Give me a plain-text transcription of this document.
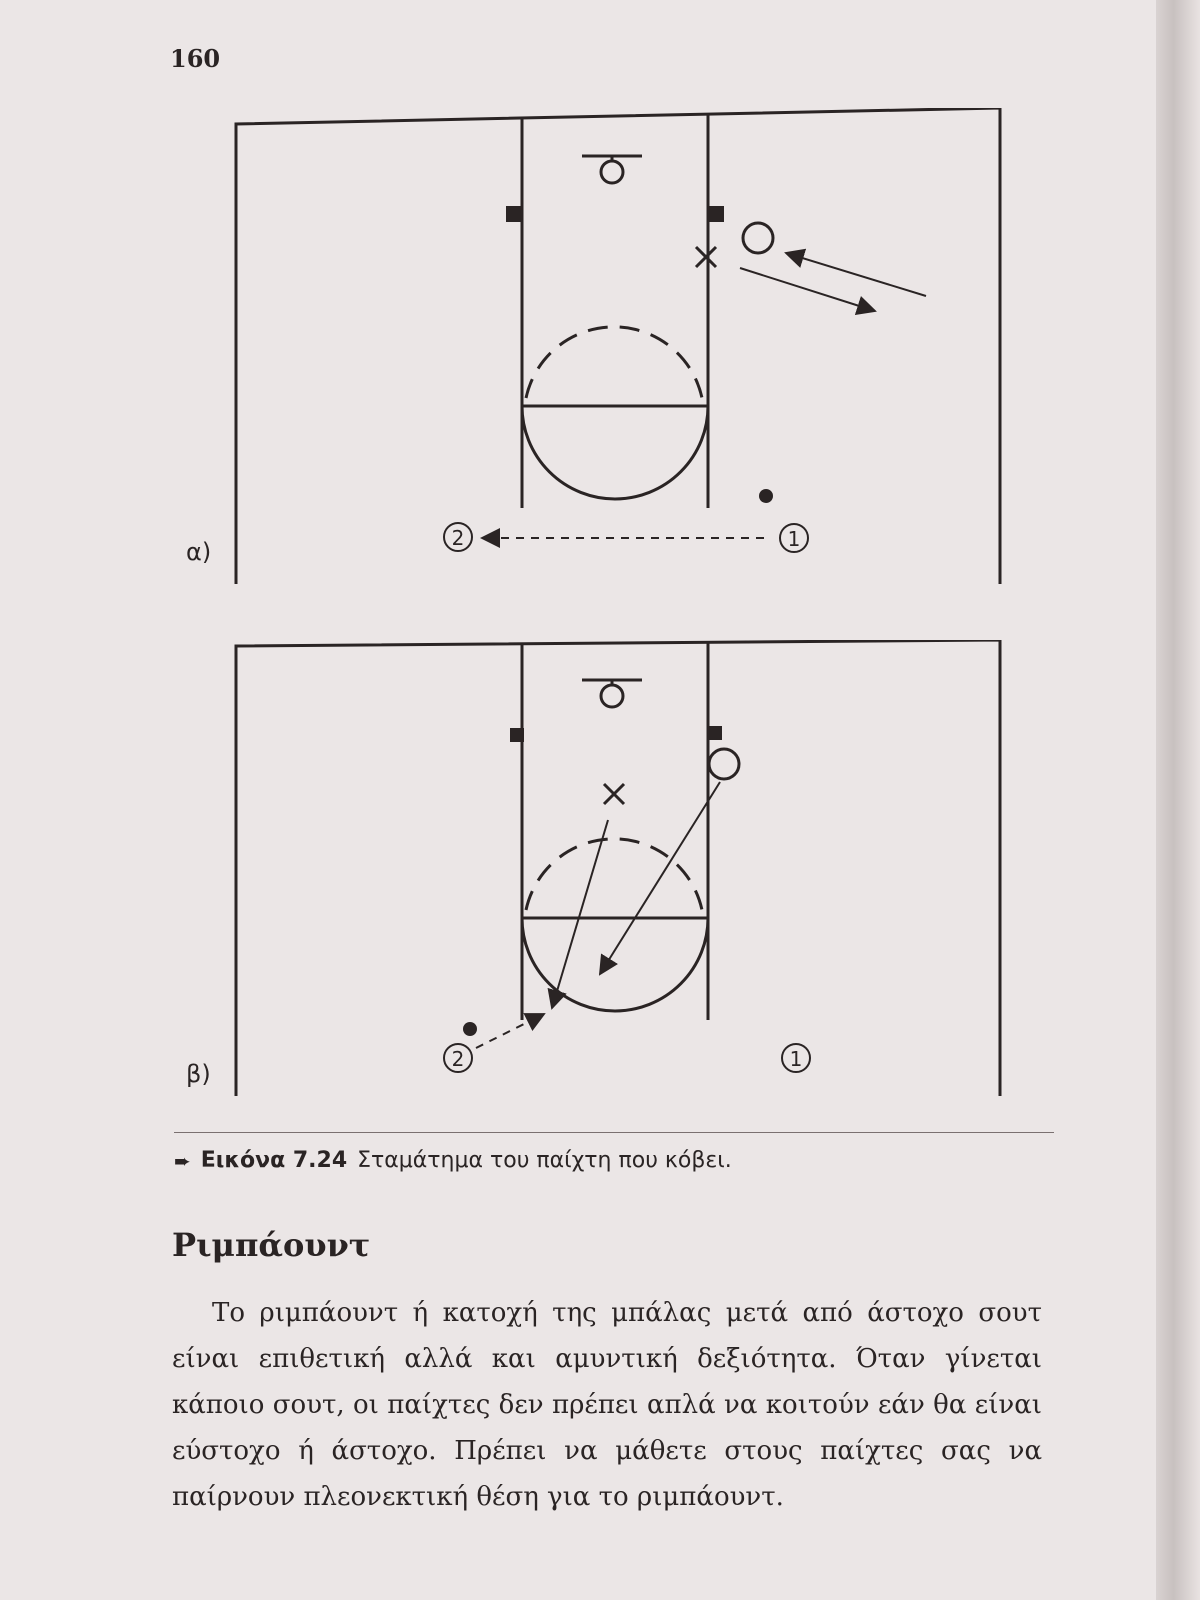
160
2	1
α)
2	1
β)
➨ Εικόνα 7.24 Σταμάτημα του παίχτη που κόβει.
Ριμπάουντ

Το ριμπάουντ ή κατοχή της μπάλας μετά από άστοχο σουτ είναι επιθετική αλλά και αμυντική δεξιότητα. Όταν γίνεται κάποιο σουτ, οι παίχτες δεν πρέπει απλά να κοιτούν εάν θα είναι εύστοχο ή άστοχο. Πρέπει να μάθετε στους παίχτες σας να παίρνουν πλεονεκτική θέση για το ριμπάουντ.
